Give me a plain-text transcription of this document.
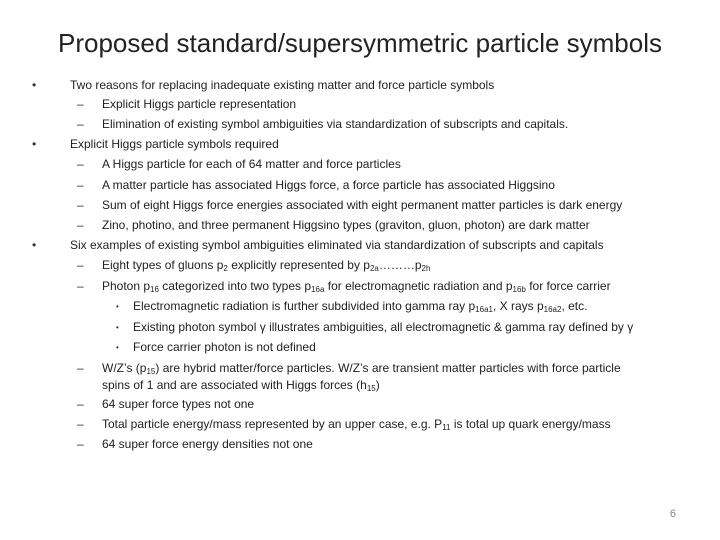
Proposed standard/supersymmetric particle symbols
•	Two reasons for replacing inadequate existing matter and force particle symbols
– Explicit Higgs particle representation
– Elimination of existing symbol ambiguities via standardization of subscripts and capitals.
•	Explicit Higgs particle symbols required
– A Higgs particle for each of 64 matter and force particles
– A matter particle has associated Higgs force, a force particle has associated Higgsino
– Sum of eight Higgs force energies associated with eight permanent matter particles is dark energy
– Zino, photino, and three permanent Higgsino types (graviton, gluon, photon) are dark matter
•	Six examples of existing symbol ambiguities eliminated via standardization of subscripts and capitals
– Eight types of gluons $p_2$ explicitly represented by $p_{2a}\dots\dots\dots p_{2h}$
– Photon $p_{16}$ categorized into two types $p_{16a}$ for electromagnetic radiation and $p_{16b}$ for force carrier
• Electromagnetic radiation is further subdivided into gamma ray $p_{16a1}$, X rays $p_{16a2}$, etc.
• Existing photon symbol γ illustrates ambiguities, all electromagnetic & gamma ray defined by γ
• Force carrier photon is not defined
– W/Z’s $(p_{15})$ are hybrid matter/force particles. W/Z’s are transient matter particles with force particle
spins of 1 and are associated with Higgs forces $(h_{15})$
– 64 super force types not one
– Total particle energy/mass represented by an upper case, e.g. $P_{11}$ is total up quark energy/mass
– 64 super force energy densities not one
6
